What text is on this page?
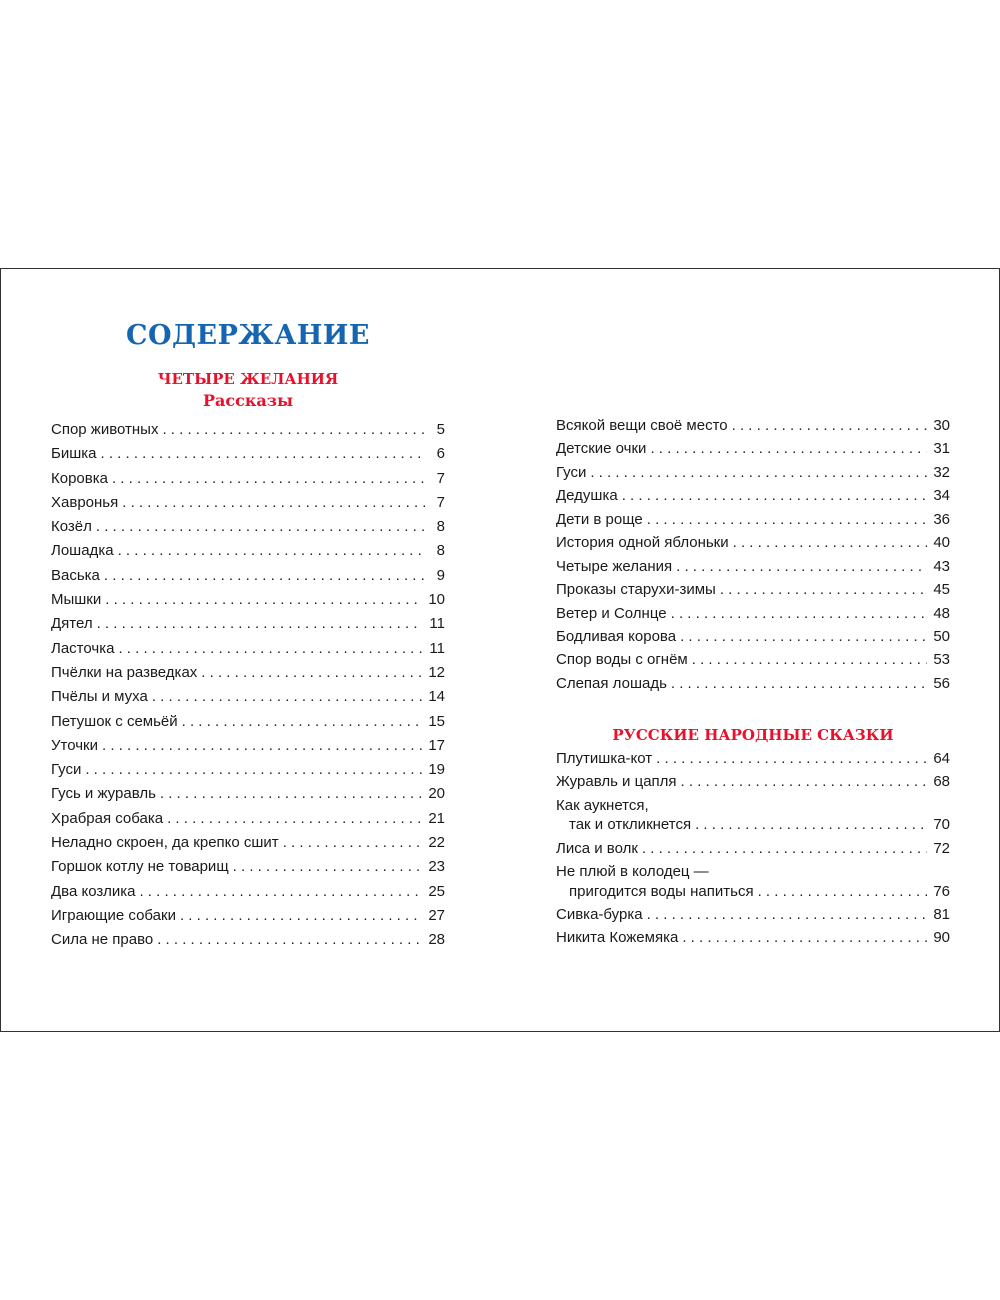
СОДЕРЖАНИЕ
ЧЕТЫРЕ ЖЕЛАНИЯ
Рассказы
Спор животных . . .	5
Бишка . . .	6
Коровка . . .	7
Хавронья . . .	7
Козёл . . .	8
Лошадка . . .	8
Васька . . .	9
Мышки . . .	10
Дятел . . .	11
Ласточка . . .	11
Пчёлки на разведках . . .	12
Пчёлы и муха . . .	14
Петушок с семьёй . . .	15
Уточки . . .	17
Гуси . . .	19
Гусь и журавль . . .	20
Храбрая собака . . .	21
Неладно скроен, да крепко сшит . . .	22
Горшок котлу не товарищ . . .	23
Два козлика . . .	25
Играющие собаки . . .	27
Сила не право . . .	28
Всякой вещи своё место . . .	30
Детские очки . . .	31
Гуси . . .	32
Дедушка . . .	34
Дети в роще . . .	36
История одной яблоньки . . .	40
Четыре желания . . .	43
Проказы старухи-зимы . . .	45
Ветер и Солнце . . .	48
Бодливая корова . . .	50
Спор воды с огнём . . .	53
Слепая лошадь . . .	56
РУССКИЕ НАРОДНЫЕ СКАЗКИ
Плутишка-кот . . .	64
Журавль и цапля . . .	68
Как аукнется,
так и откликнется . . .	70
Лиса и волк . . .	72
Не плюй в колодец —
пригодится воды напиться . . .	76
Сивка-бурка . . .	81
Никита Кожемяка . . .	90
